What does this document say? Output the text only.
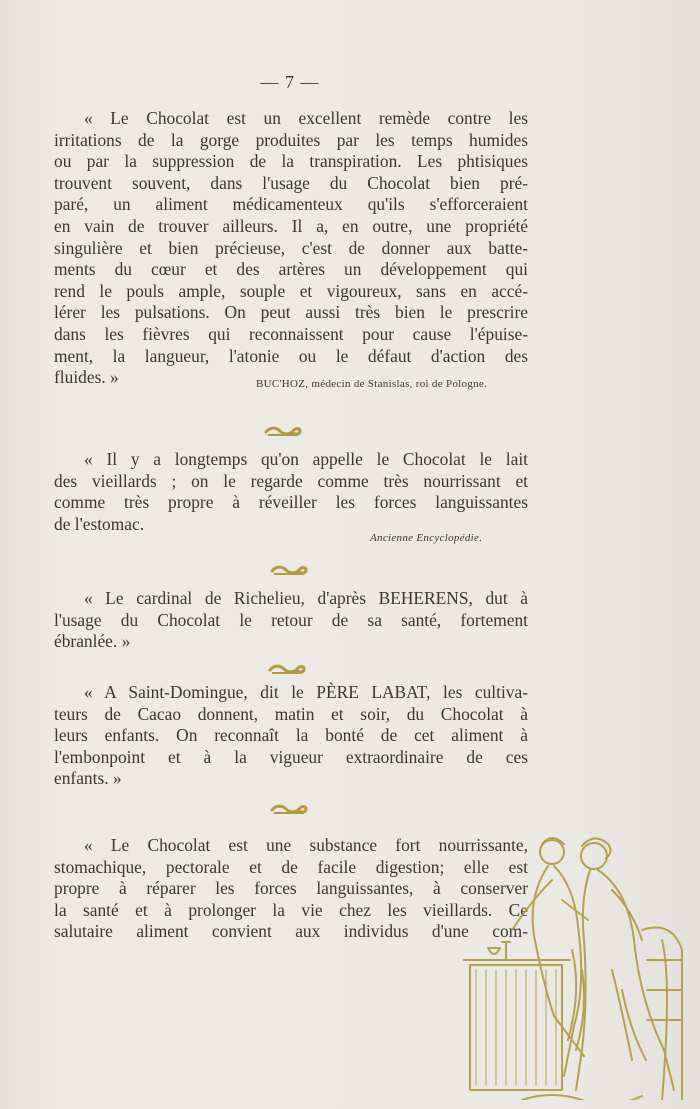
— 7 —
« Le Chocolat est un excellent remède contre les
irritations de la gorge produites par les temps humides
ou par la suppression de la transpiration. Les phtisiques
trouvent souvent, dans l'usage du Chocolat bien pré-
paré, un aliment médicamenteux qu'ils s'efforceraient
en vain de trouver ailleurs. Il a, en outre, une propriété
singulière et bien précieuse, c'est de donner aux batte-
ments du cœur et des artères un développement qui
rend le pouls ample, souple et vigoureux, sans en accé-
lérer les pulsations. On peut aussi très bien le prescrire
dans les fièvres qui reconnaissent pour cause l'épuise-
ment, la langueur, l'atonie ou le défaut d'action des
fluides. »	BUC'HOZ, médecin de Stanislas, roi de Pologne.
« Il y a longtemps qu'on appelle le Chocolat le lait
des vieillards ; on le regarde comme très nourrissant et
comme très propre à réveiller les forces languissantes
de l'estomac.
Ancienne Encyclopédie.
« Le cardinal de Richelieu, d'après BEHERENS, dut à
l'usage du Chocolat le retour de sa santé, fortement
ébranlée. »
« A Saint-Domingue, dit le PÈRE LABAT, les cultiva-
teurs de Cacao donnent, matin et soir, du Chocolat à
leurs enfants. On reconnaît la bonté de cet aliment à
l'embonpoint et à la vigueur extraordinaire de ces
enfants. »
« Le Chocolat est une substance fort nourrissante,
stomachique, pectorale et de facile digestion; elle est
propre à réparer les forces languissantes, à conserver
la santé et à prolonger la vie chez les vieillards. Ce
salutaire aliment convient aux individus d'une com-
